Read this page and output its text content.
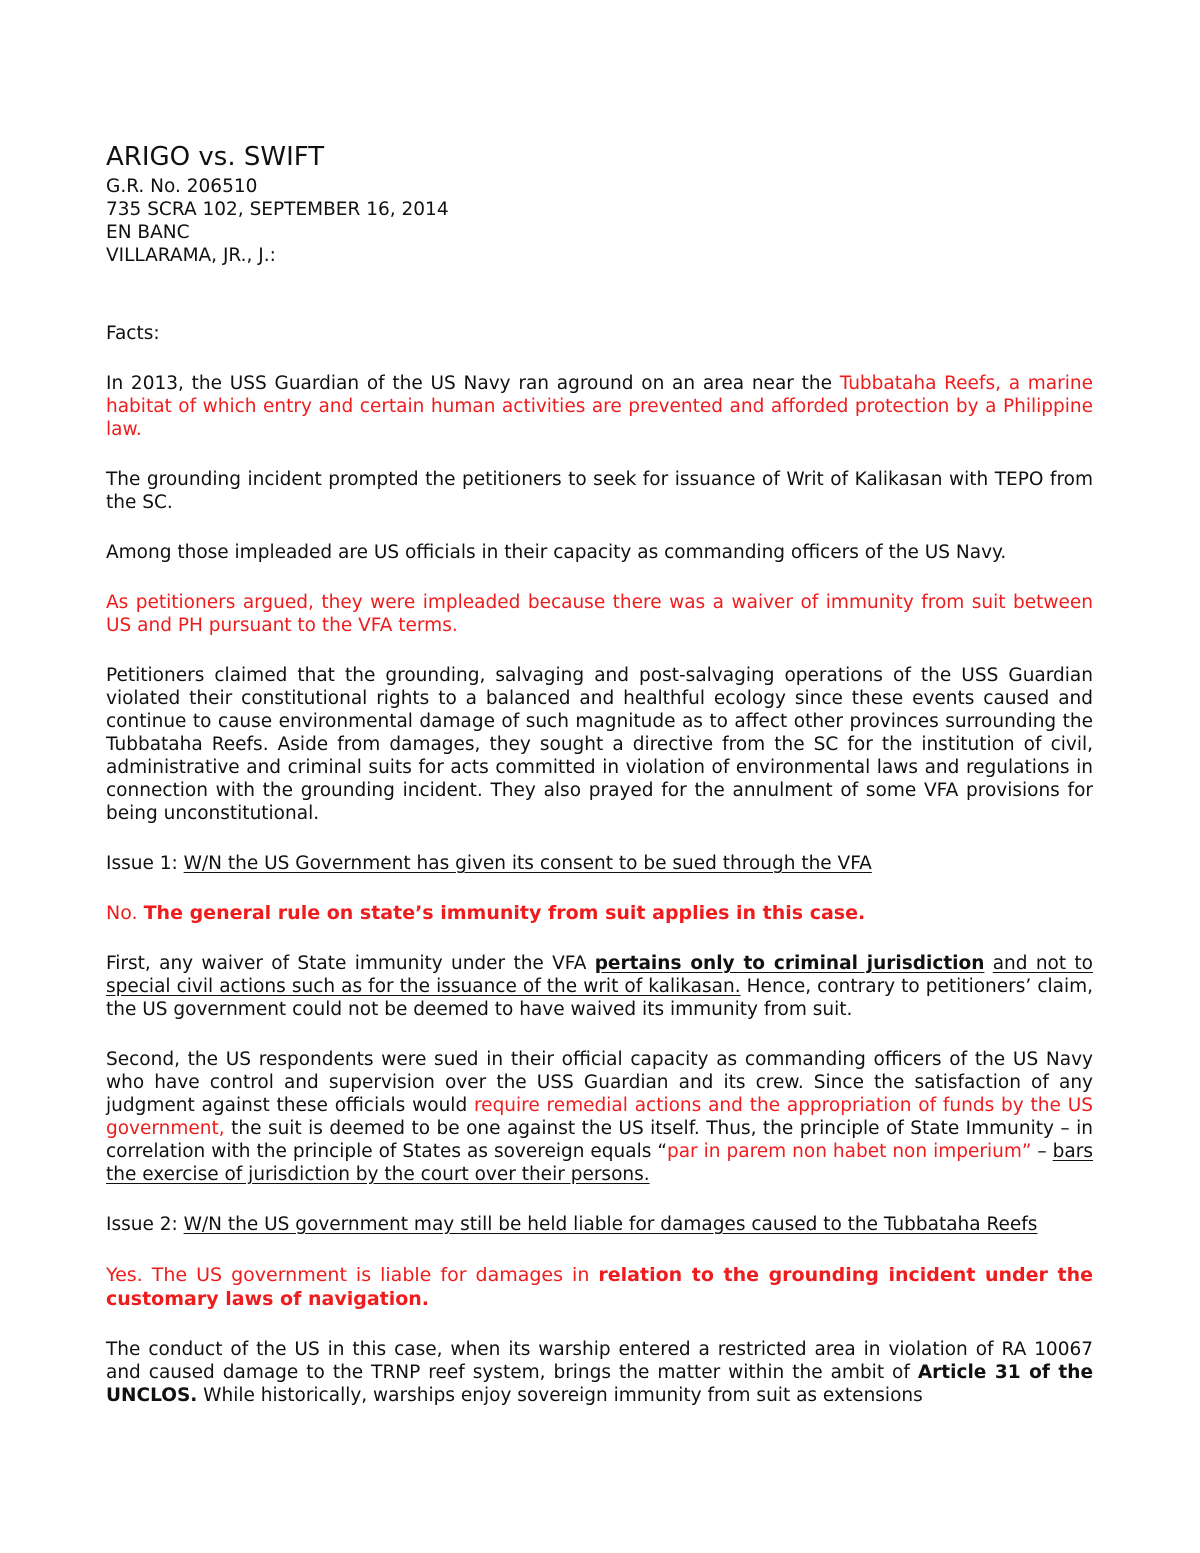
ARIGO vs. SWIFT
G.R. No. 206510
735 SCRA 102, SEPTEMBER 16, 2014
EN BANC
VILLARAMA, JR., J.:

Facts:

In 2013, the USS Guardian of the US Navy ran aground on an area near the Tubbataha Reefs, a marine habitat of which entry and certain human activities are prevented and afforded protection by a Philippine law.

The grounding incident prompted the petitioners to seek for issuance of Writ of Kalikasan with TEPO from the SC.

Among those impleaded are US officials in their capacity as commanding officers of the US Navy.

As petitioners argued, they were impleaded because there was a waiver of immunity from suit between US and PH pursuant to the VFA terms.

Petitioners claimed that the grounding, salvaging and post-salvaging operations of the USS Guardian violated their constitutional rights to a balanced and healthful ecology since these events caused and continue to cause environmental damage of such magnitude as to affect other provinces surrounding the Tubbataha Reefs. Aside from damages, they sought a directive from the SC for the institution of civil, administrative and criminal suits for acts committed in violation of environmental laws and regulations in connection with the grounding incident. They also prayed for the annulment of some VFA provisions for being unconstitutional.

Issue 1: W/N the US Government has given its consent to be sued through the VFA

No. The general rule on state’s immunity from suit applies in this case.

First, any waiver of State immunity under the VFA pertains only to criminal jurisdiction and not to special civil actions such as for the issuance of the writ of kalikasan. Hence, contrary to petitioners’ claim, the US government could not be deemed to have waived its immunity from suit.

Second, the US respondents were sued in their official capacity as commanding officers of the US Navy who have control and supervision over the USS Guardian and its crew. Since the satisfaction of any judgment against these officials would require remedial actions and the appropriation of funds by the US government, the suit is deemed to be one against the US itself. Thus, the principle of State Immunity – in correlation with the principle of States as sovereign equals “par in parem non habet non imperium” – bars the exercise of jurisdiction by the court over their persons.

Issue 2: W/N the US government may still be held liable for damages caused to the Tubbataha Reefs

Yes. The US government is liable for damages in relation to the grounding incident under the customary laws of navigation.

The conduct of the US in this case, when its warship entered a restricted area in violation of RA 10067 and caused damage to the TRNP reef system, brings the matter within the ambit of Article 31 of the UNCLOS. While historically, warships enjoy sovereign immunity from suit as extensions
